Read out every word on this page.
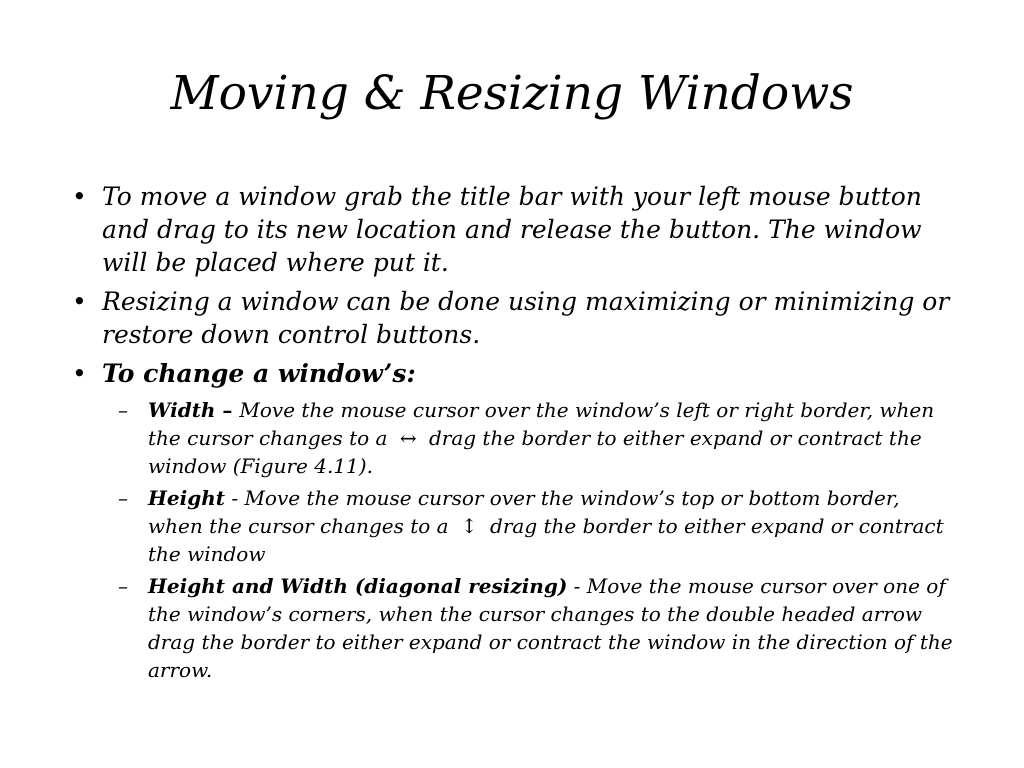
Moving & Resizing Windows
• To move a window grab the title bar with your left mouse button and drag to its new location and release the button. The window will be placed where put it.
• Resizing a window can be done using maximizing or minimizing or restore down control buttons.
• To change a window’s:
– Width – Move the mouse cursor over the window’s left or right border, when the cursor changes to a ↔ drag the border to either expand or contract the window (Figure 4.11).
– Height - Move the mouse cursor over the window’s top or bottom border, when the cursor changes to a ↕ drag the border to either expand or contract the window
– Height and Width (diagonal resizing) - Move the mouse cursor over one of the window’s corners, when the cursor changes to the double headed arrow drag the border to either expand or contract the window in the direction of the arrow.
